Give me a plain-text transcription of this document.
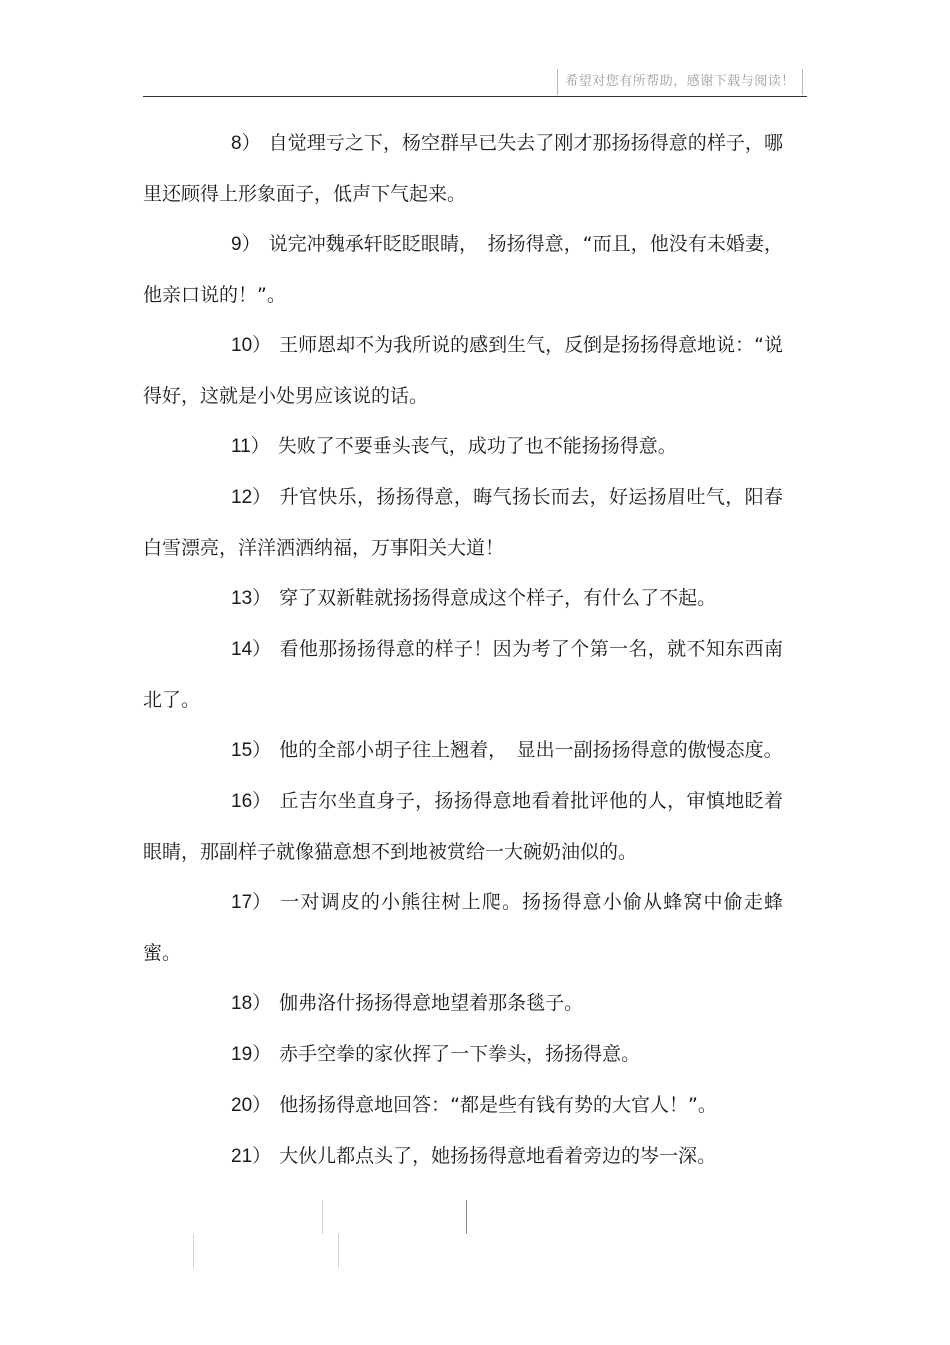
希望对您有所帮助，感谢下载与阅读！

8） 自觉理亏之下，杨空群早已失去了刚才那扬扬得意的样子，哪里还顾得上形象面子，低声下气起来。

9） 说完冲魏承轩眨眨眼睛，　扬扬得意，“而且，他没有未婚妻，他亲口说的！”。

10） 王师恩却不为我所说的感到生气，反倒是扬扬得意地说：“说得好，这就是小处男应该说的话。

11） 失败了不要垂头丧气，成功了也不能扬扬得意。

12） 升官快乐，扬扬得意，晦气扬长而去，好运扬眉吐气，阳春白雪漂亮，洋洋洒洒纳福，万事阳关大道！

13） 穿了双新鞋就扬扬得意成这个样子，有什么了不起。

14） 看他那扬扬得意的样子！因为考了个第一名，就不知东西南北了。

15） 他的全部小胡子往上翘着，　显出一副扬扬得意的傲慢态度。

16） 丘吉尔坐直身子，扬扬得意地看着批评他的人，审慎地眨着眼睛，那副样子就像猫意想不到地被赏给一大碗奶油似的。

17） 一对调皮的小熊往树上爬。扬扬得意小偷从蜂窝中偷走蜂蜜。

18） 伽弗洛什扬扬得意地望着那条毯子。

19） 赤手空拳的家伙挥了一下拳头，扬扬得意。

20） 他扬扬得意地回答：“都是些有钱有势的大官人！”。

21） 大伙儿都点头了，她扬扬得意地看着旁边的岑一深。
